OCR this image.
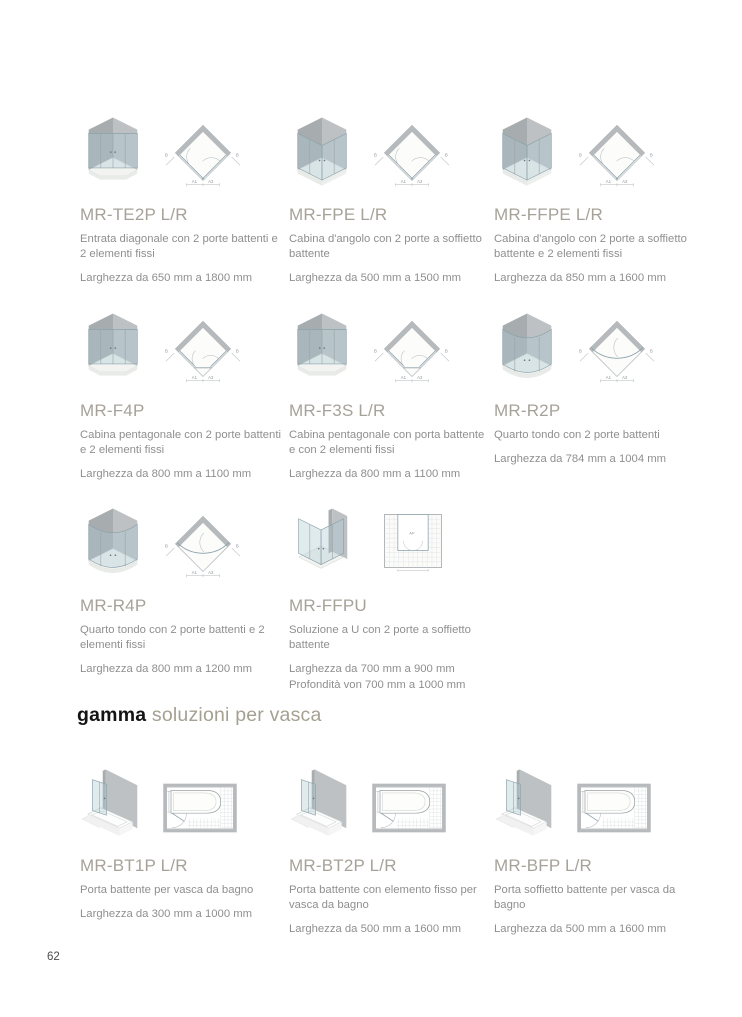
MR-TE2P L/R

Entrata diagonale con 2 porte battenti e 2 elementi fissi

Larghezza da 650 mm a 1800 mm

MR-FPE L/R

Cabina d'angolo con 2 porte a soffietto battente

Larghezza da 500 mm a 1500 mm

MR-FFPE L/R

Cabina d'angolo con 2 porte a soffietto battente e 2 elementi fissi

Larghezza da 850 mm a 1600 mm

MR-F4P

Cabina pentagonale con 2 porte battenti e 2 elementi fissi

Larghezza da 800 mm a 1100 mm

MR-F3S L/R

Cabina pentagonale con porta battente e con 2 elementi fissi

Larghezza da 800 mm a 1100 mm

MR-R2P

Quarto tondo con 2 porte battenti

Larghezza da 784 mm a 1004 mm

MR-R4P

Quarto tondo con 2 porte battenti e 2 elementi fissi

Larghezza da 800 mm a 1200 mm

MR-FFPU

Soluzione a U con 2 porte a soffietto battente

Larghezza da 700 mm a 900 mm

Profondità von 700 mm a 1000 mm

gamma soluzioni per vasca
MR-BT1P L/R

Porta battente per vasca da bagno

Larghezza da 300 mm a 1000 mm

MR-BT2P L/R

Porta battente con elemento fisso per vasca da bagno

Larghezza da 500 mm a 1600 mm

MR-BFP L/R

Porta soffietto battente per vasca da bagno

Larghezza da 500 mm a 1600 mm

62
